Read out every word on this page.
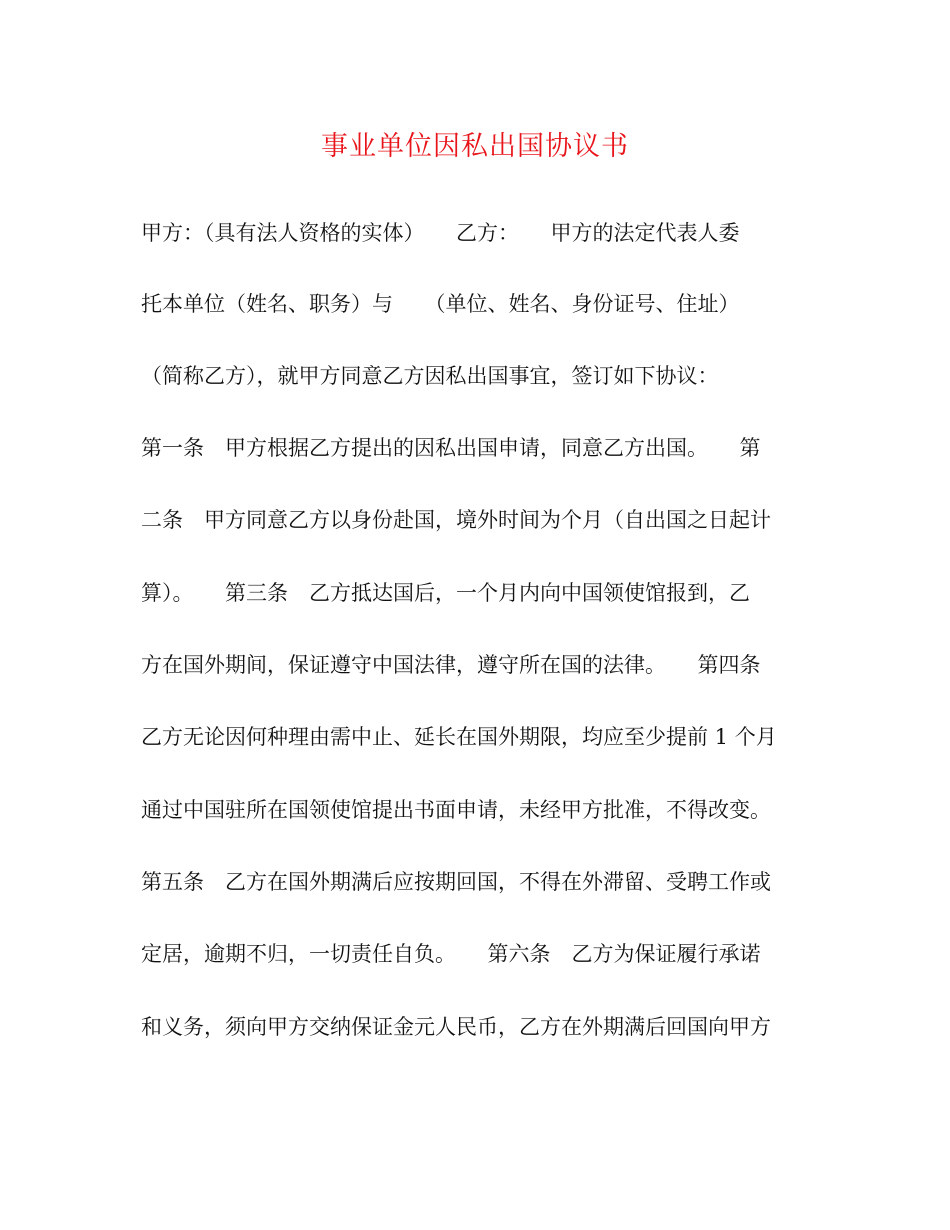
事业单位因私出国协议书
甲方：（具有法人资格的实体）　　乙方：　　甲方的法定代表人委
托本单位（姓名、职务）与　　（单位、姓名、身份证号、住址）
（简称乙方），就甲方同意乙方因私出国事宜，签订如下协议：
第一条　甲方根据乙方提出的因私出国申请，同意乙方出国。　　第
二条　甲方同意乙方以身份赴国，境外时间为个月（自出国之日起计
算）。　　第三条　乙方抵达国后，一个月内向中国领使馆报到，乙
方在国外期间，保证遵守中国法律，遵守所在国的法律。　　第四条
乙方无论因何种理由需中止、延长在国外期限，均应至少提前 1 个月
通过中国驻所在国领使馆提出书面申请，未经甲方批准，不得改变。
第五条　乙方在国外期满后应按期回国，不得在外滞留、受聘工作或
定居，逾期不归，一切责任自负。　　第六条　乙方为保证履行承诺
和义务，须向甲方交纳保证金元人民币，乙方在外期满后回国向甲方
